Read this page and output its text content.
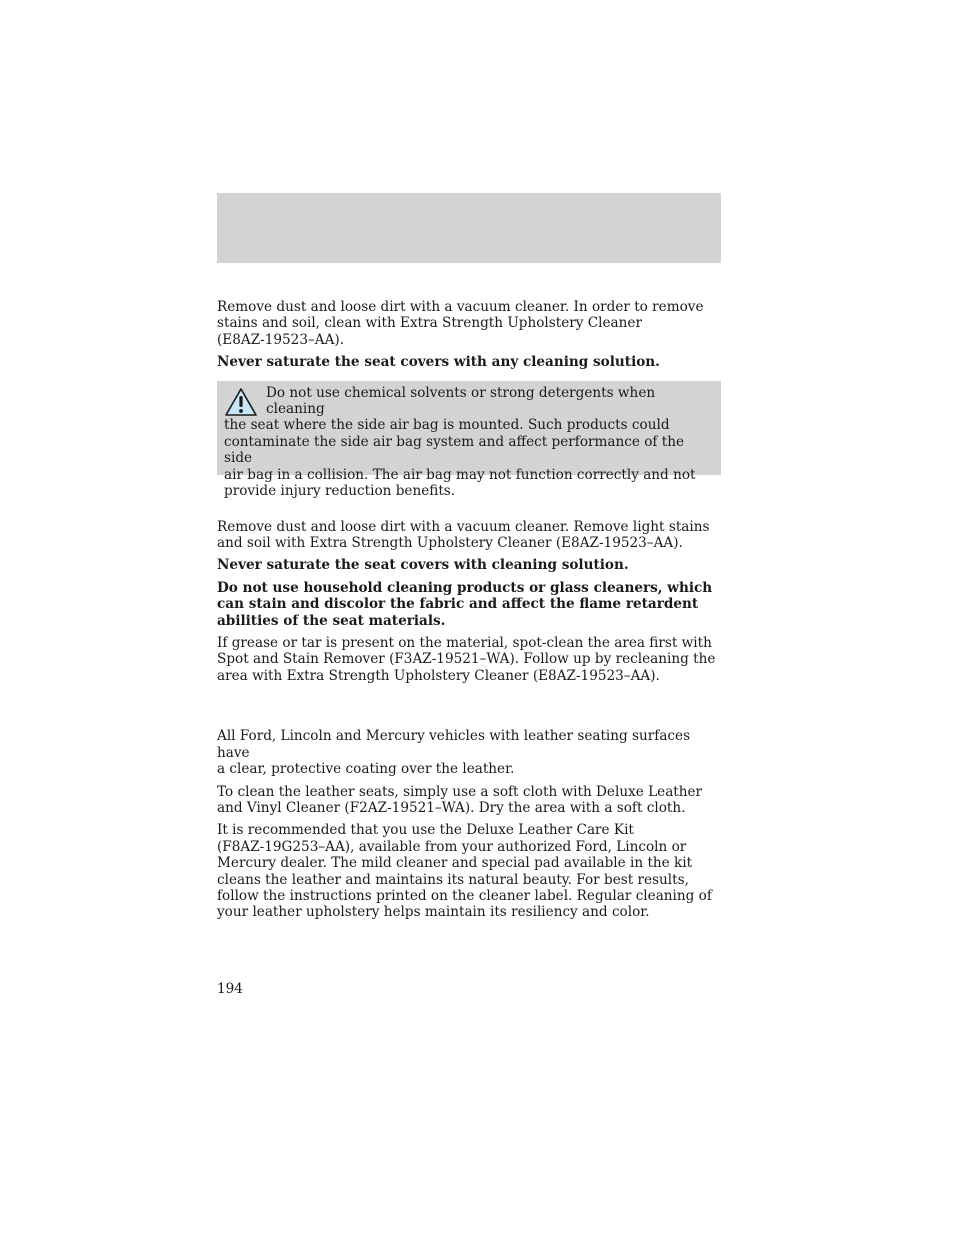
Remove dust and loose dirt with a vacuum cleaner. In order to remove
stains and soil, clean with Extra Strength Upholstery Cleaner
(E8AZ-19523–AA).

Never saturate the seat covers with any cleaning solution.

Do not use chemical solvents or strong detergents when cleaning
the seat where the side air bag is mounted. Such products could
contaminate the side air bag system and affect performance of the side
air bag in a collision. The air bag may not function correctly and not
provide injury reduction benefits.

Remove dust and loose dirt with a vacuum cleaner. Remove light stains
and soil with Extra Strength Upholstery Cleaner (E8AZ-19523–AA).

Never saturate the seat covers with cleaning solution.

Do not use household cleaning products or glass cleaners, which
can stain and discolor the fabric and affect the flame retardent
abilities of the seat materials.

If grease or tar is present on the material, spot-clean the area first with
Spot and Stain Remover (F3AZ-19521–WA). Follow up by recleaning the
area with Extra Strength Upholstery Cleaner (E8AZ-19523–AA).

All Ford, Lincoln and Mercury vehicles with leather seating surfaces have
a clear, protective coating over the leather.

To clean the leather seats, simply use a soft cloth with Deluxe Leather
and Vinyl Cleaner (F2AZ-19521–WA). Dry the area with a soft cloth.

It is recommended that you use the Deluxe Leather Care Kit
(F8AZ-19G253–AA), available from your authorized Ford, Lincoln or
Mercury dealer. The mild cleaner and special pad available in the kit
cleans the leather and maintains its natural beauty. For best results,
follow the instructions printed on the cleaner label. Regular cleaning of
your leather upholstery helps maintain its resiliency and color.

194
